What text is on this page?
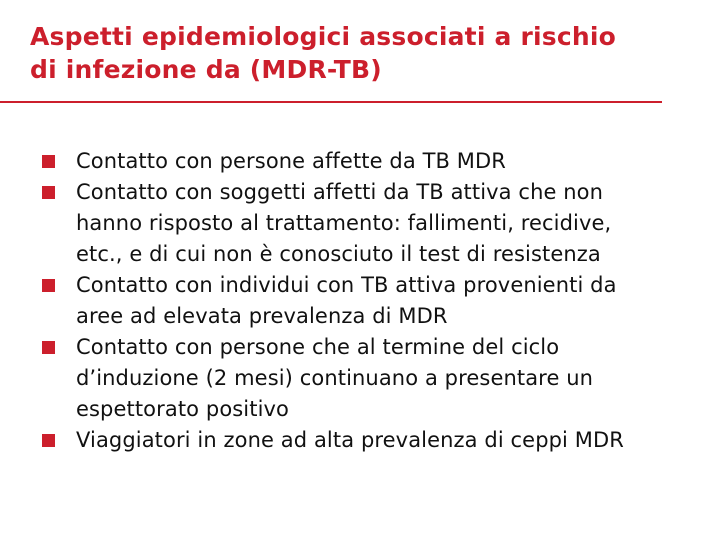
Aspetti epidemiologici associati a rischio
di infezione da (MDR-TB)
Contatto con persone affette da TB MDR
Contatto con soggetti affetti da TB attiva che non
hanno risposto al trattamento: fallimenti, recidive,
etc., e di cui non è conosciuto il test di resistenza
Contatto con individui con TB attiva provenienti da
aree ad elevata prevalenza di MDR
Contatto con persone che al termine del ciclo
d’induzione (2 mesi) continuano a presentare un
espettorato positivo
Viaggiatori in zone ad alta prevalenza di ceppi MDR
